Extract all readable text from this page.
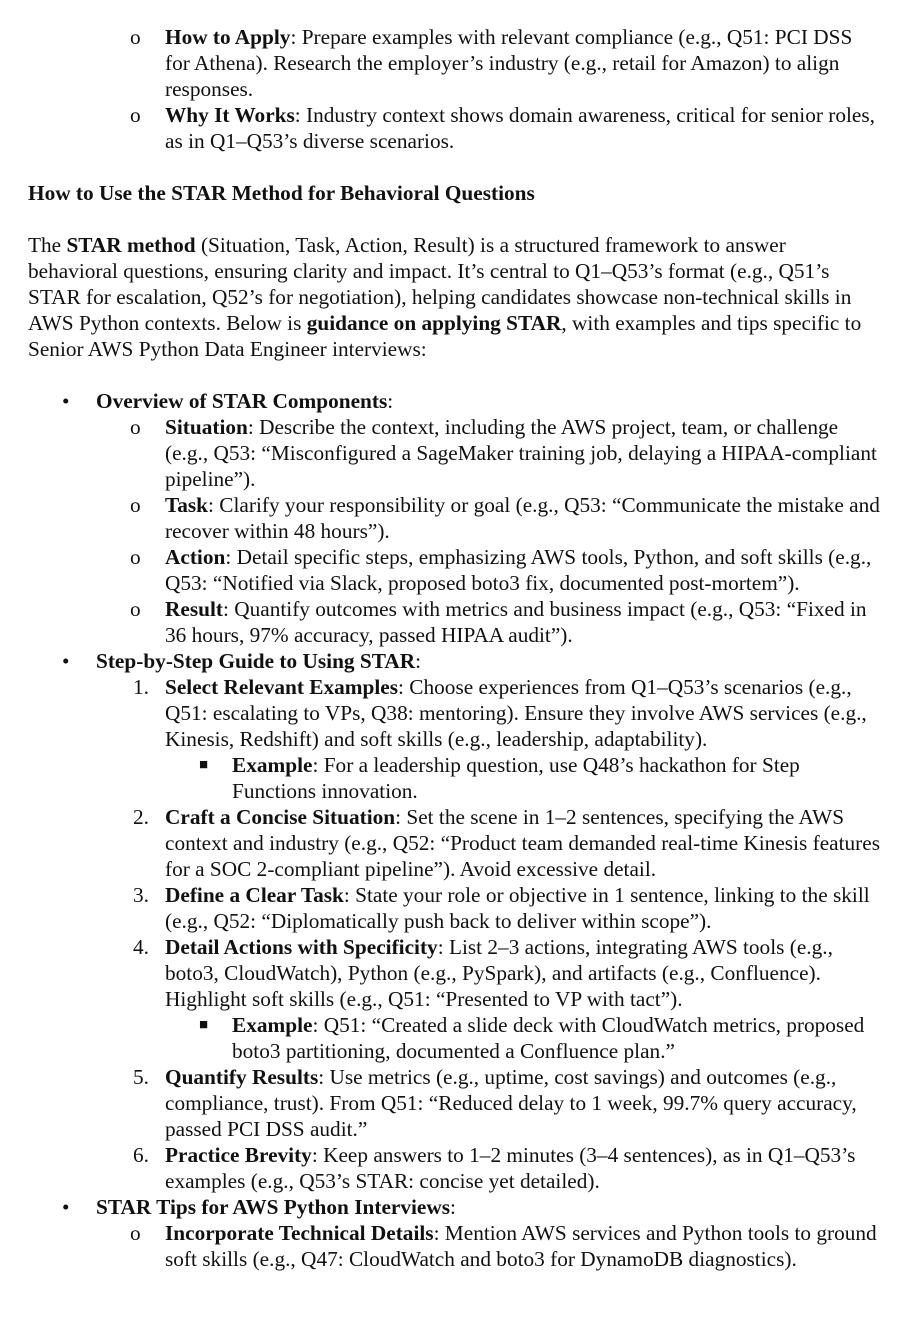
o How to Apply: Prepare examples with relevant compliance (e.g., Q51: PCI DSS for Athena). Research the employer’s industry (e.g., retail for Amazon) to align responses.
o Why It Works: Industry context shows domain awareness, critical for senior roles, as in Q1–Q53’s diverse scenarios.
How to Use the STAR Method for Behavioral Questions

The STAR method (Situation, Task, Action, Result) is a structured framework to answer behavioral questions, ensuring clarity and impact. It’s central to Q1–Q53’s format (e.g., Q51’s STAR for escalation, Q52’s for negotiation), helping candidates showcase non-technical skills in AWS Python contexts. Below is guidance on applying STAR, with examples and tips specific to Senior AWS Python Data Engineer interviews:

• Overview of STAR Components:
o Situation: Describe the context, including the AWS project, team, or challenge (e.g., Q53: “Misconfigured a SageMaker training job, delaying a HIPAA-compliant pipeline”).
o Task: Clarify your responsibility or goal (e.g., Q53: “Communicate the mistake and recover within 48 hours”).
o Action: Detail specific steps, emphasizing AWS tools, Python, and soft skills (e.g., Q53: “Notified via Slack, proposed boto3 fix, documented post-mortem”).
o Result: Quantify outcomes with metrics and business impact (e.g., Q53: “Fixed in 36 hours, 97% accuracy, passed HIPAA audit”).
• Step-by-Step Guide to Using STAR:
1. Select Relevant Examples: Choose experiences from Q1–Q53’s scenarios (e.g., Q51: escalating to VPs, Q38: mentoring). Ensure they involve AWS services (e.g., Kinesis, Redshift) and soft skills (e.g., leadership, adaptability).
■ Example: For a leadership question, use Q48’s hackathon for Step Functions innovation.
2. Craft a Concise Situation: Set the scene in 1–2 sentences, specifying the AWS context and industry (e.g., Q52: “Product team demanded real-time Kinesis features for a SOC 2-compliant pipeline”). Avoid excessive detail.
3. Define a Clear Task: State your role or objective in 1 sentence, linking to the skill (e.g., Q52: “Diplomatically push back to deliver within scope”).
4. Detail Actions with Specificity: List 2–3 actions, integrating AWS tools (e.g., boto3, CloudWatch), Python (e.g., PySpark), and artifacts (e.g., Confluence). Highlight soft skills (e.g., Q51: “Presented to VP with tact”).
■ Example: Q51: “Created a slide deck with CloudWatch metrics, proposed boto3 partitioning, documented a Confluence plan.”
5. Quantify Results: Use metrics (e.g., uptime, cost savings) and outcomes (e.g., compliance, trust). From Q51: “Reduced delay to 1 week, 99.7% query accuracy, passed PCI DSS audit.”
6. Practice Brevity: Keep answers to 1–2 minutes (3–4 sentences), as in Q1–Q53’s examples (e.g., Q53’s STAR: concise yet detailed).
• STAR Tips for AWS Python Interviews:
o Incorporate Technical Details: Mention AWS services and Python tools to ground soft skills (e.g., Q47: CloudWatch and boto3 for DynamoDB diagnostics).
